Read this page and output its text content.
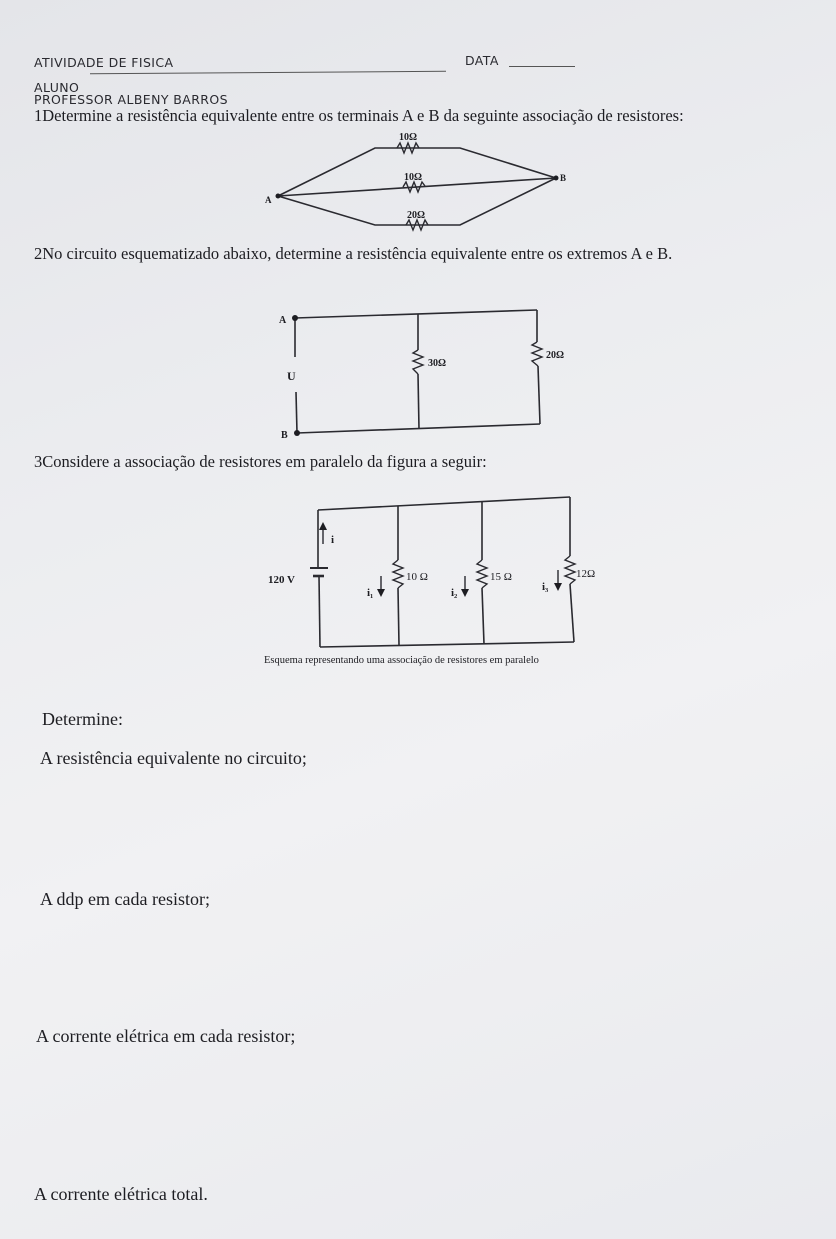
ATIVIDADE DE FISICA	DATA
ALUNO
PROFESSOR ALBENY BARROS
1Determine a resistência equivalente entre os terminais A e B da seguinte associação de resistores:
A
B
10Ω
10Ω
20Ω
2No circuito esquematizado abaixo, determine a resistência equivalente entre os extremos A e B.
A
B
U
30Ω
20Ω
3Considere a associação de resistores em paralelo da figura a seguir:
120 V
i
i₁	i₂	i₃
10 Ω	15 Ω	12Ω
Esquema representando uma associação de resistores em paralelo
Determine:
A resistência equivalente no circuito;
A ddp em cada resistor;
A corrente elétrica em cada resistor;
A corrente elétrica total.
